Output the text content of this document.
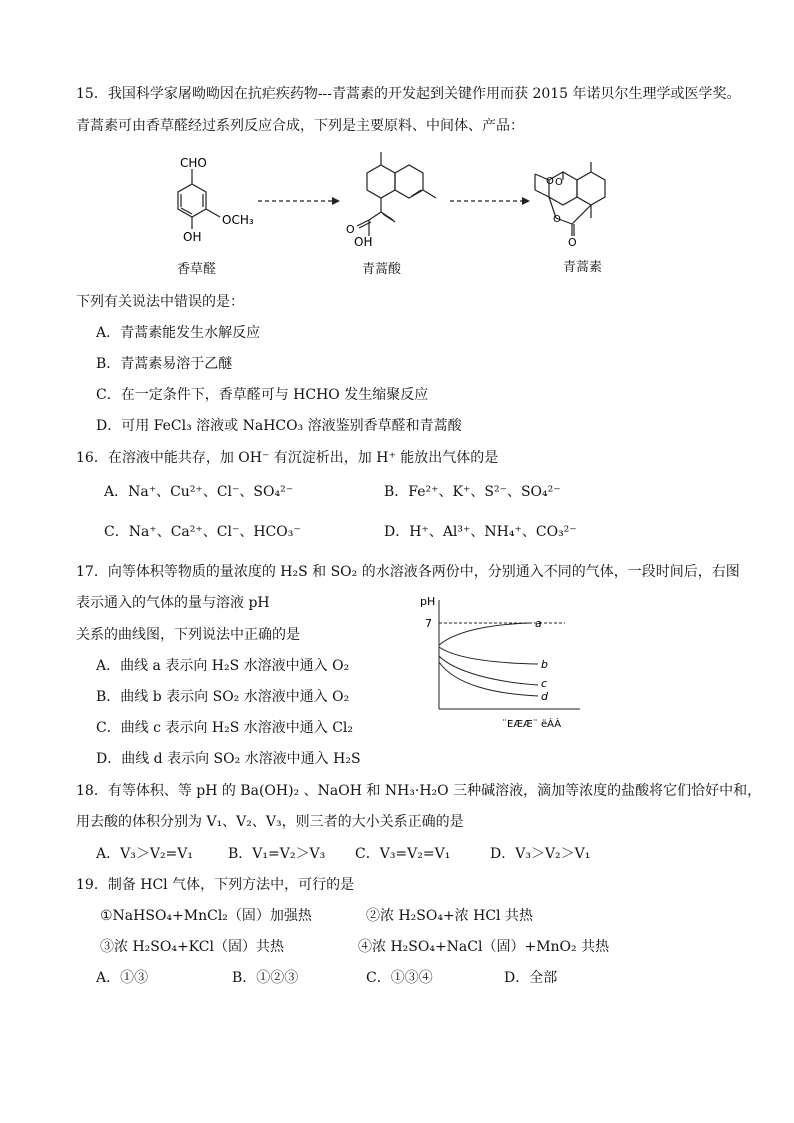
15．我国科学家屠呦呦因在抗疟疾药物---青蒿素的开发起到关键作用而获 2015 年诺贝尔生理学或医学奖。
青蒿素可由香草醛经过系列反应合成，下列是主要原料、中间体、产品：
CHO
OCH₃
OH	OH
O
O O
O
O
香草醛	青蒿酸	青蒿素
下列有关说法中错误的是：
A．青蒿素能发生水解反应
B．青蒿素易溶于乙醚
C．在一定条件下，香草醛可与 HCHO 发生缩聚反应
D．可用 FeCl₃ 溶液或 NaHCO₃ 溶液鉴别香草醛和青蒿酸
16．在溶液中能共存，加 OH⁻ 有沉淀析出，加 H⁺ 能放出气体的是
A．Na⁺、Cu²⁺、Cl⁻、SO₄²⁻	B．Fe²⁺、K⁺、S²⁻、SO₄²⁻
C．Na⁺、Ca²⁺、Cl⁻、HCO₃⁻	D．H⁺、Al³⁺、NH₄⁺、CO₃²⁻
17．向等体积等物质的量浓度的 H₂S 和 SO₂ 的水溶液各两份中，分别通入不同的气体，一段时间后，右图
表示通入的气体的量与溶液 pH
关系的曲线图，下列说法中正确的是
A．曲线 a 表示向 H₂S 水溶液中通入 O₂
B．曲线 b 表示向 SO₂ 水溶液中通入 O₂
C．曲线 c 表示向 H₂S 水溶液中通入 Cl₂
D．曲线 d 表示向 SO₂ 水溶液中通入 H₂S
pH
7	a
b
c
d
¨EÆÆ¨ ëÀÀ
18．有等体积、等 pH 的 Ba(OH)₂ 、NaOH 和 NH₃·H₂O 三种碱溶液，滴加等浓度的盐酸将它们恰好中和，
用去酸的体积分别为 V₁、V₂、V₃，则三者的大小关系正确的是
A．V₃＞V₂=V₁ B．V₁=V₂＞V₃ C．V₃=V₂=V₁	D．V₃＞V₂＞V₁
19．制备 HCl 气体，下列方法中，可行的是
①NaHSO₄+MnCl₂（固）加强热	②浓 H₂SO₄+浓 HCl 共热
③浓 H₂SO₄+KCl（固）共热	④浓 H₂SO₄+NaCl（固）+MnO₂ 共热
A．①③	B．①②③	C．①③④	D．全部
